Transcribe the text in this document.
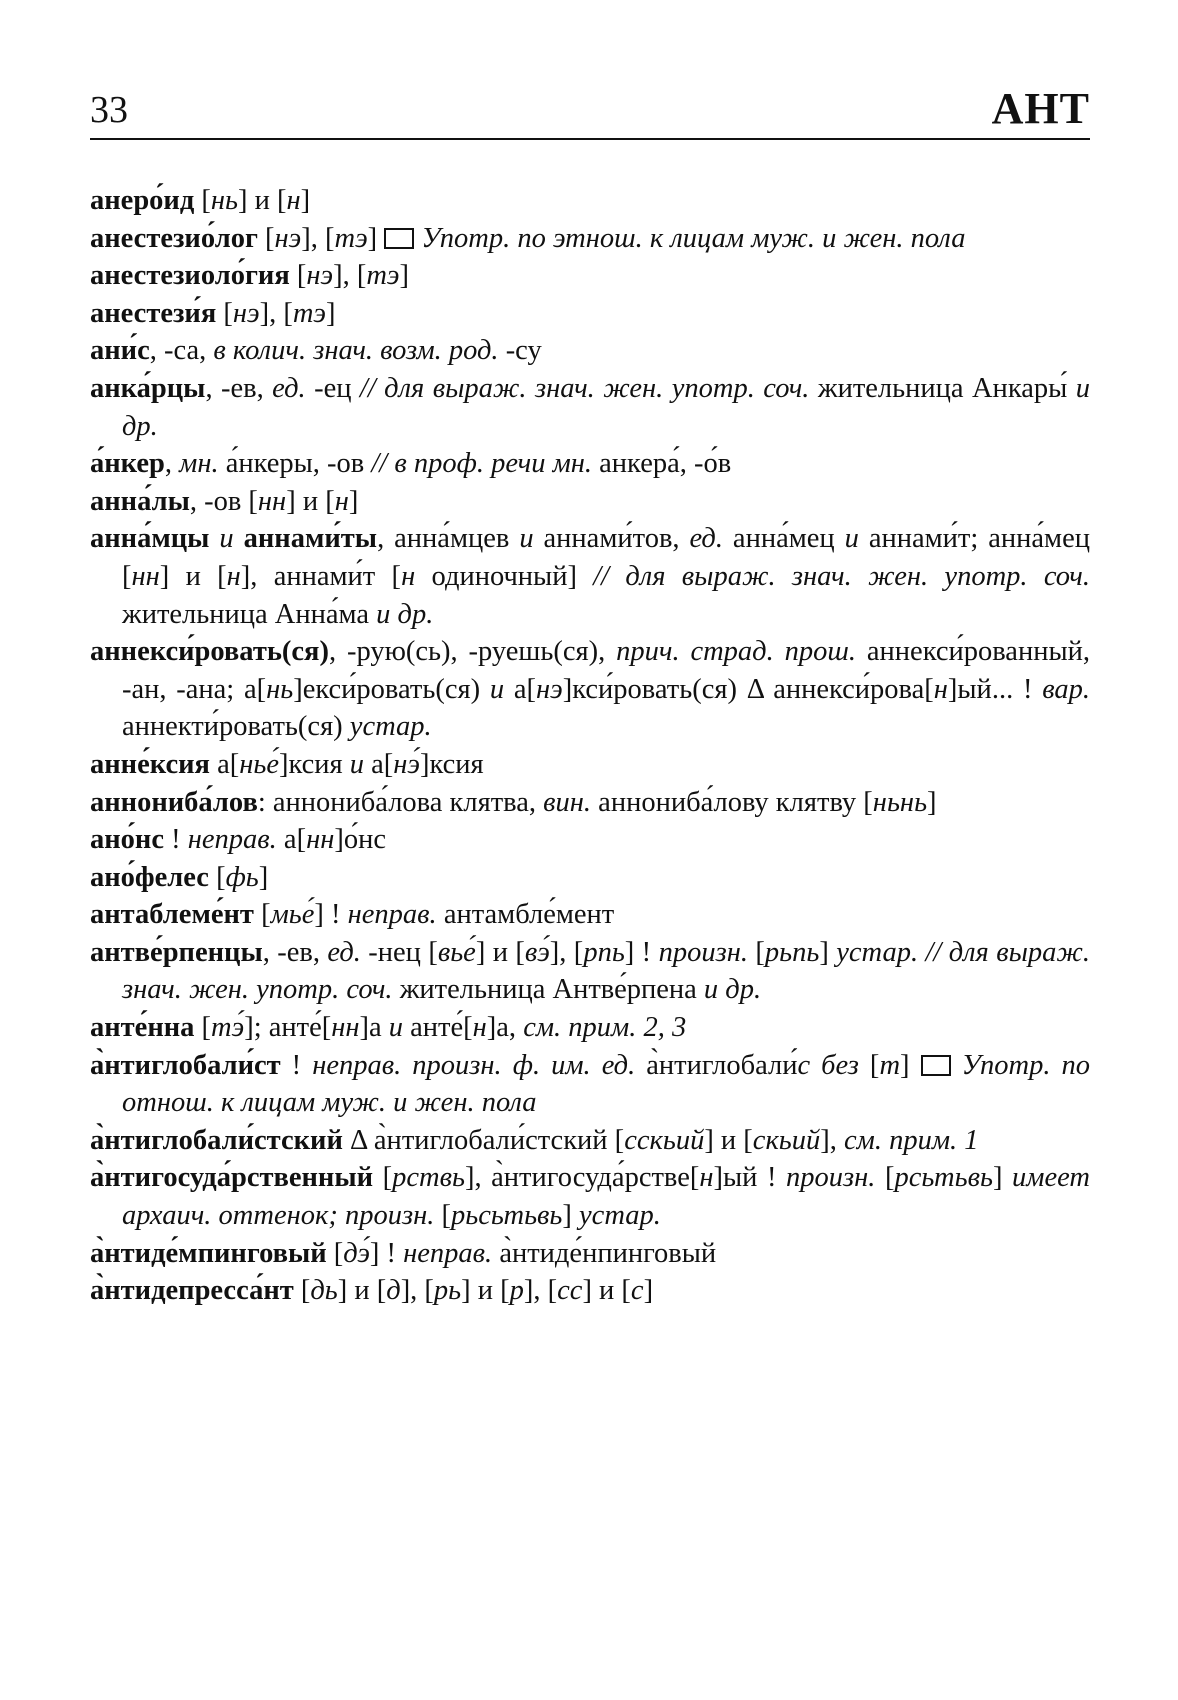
33	АНТ

анеро́ид [нь] и [н]

анестезио́лог [нэ], [тэ]  Употр. по этнош. к лицам муж. и жен. пола

анестезиоло́гия [нэ], [тэ]

анестези́я [нэ], [тэ]

ани́с, -са, в колич. знач. возм. род. -су

анка́рцы, -ев, ед. -ец // для выраж. знач. жен. употр. соч. жительница Анкары́ и др.

а́нкер, мн. а́нкеры, -ов // в проф. речи мн. анкера́, -о́в

анна́лы, -ов [нн] и [н]

анна́мцы и аннами́ты, анна́мцев и аннами́тов, ед. анна́мец и аннами́т; анна́мец [нн] и [н], аннами́т [н одиночный] // для выраж. знач. жен. употр. соч. жительница Анна́ма и др.

аннекси́ровать(ся), -рую(сь), -руешь(ся), прич. страд. прош. аннекси́рованный, -ан, -ана; а[нь]екси́ровать(ся) и а[нэ]кси́ровать(ся) Δ аннекси́рова[н]ый... ! вар. аннекти́ровать(ся) устар.

анне́ксия а[нье́]ксия и а[нэ́]ксия

аннониба́лов: аннониба́лова клятва, вин. аннониба́лову клятву [ньнь]

ано́нс ! неправ. а[нн]о́нс

ано́фелес [фь]

антаблеме́нт [мье́] ! неправ. антамбле́мент

антве́рпенцы, -ев, ед. -нец [вье́] и [вэ́], [рпь] ! произн. [рьпь] устар. // для выраж. знач. жен. употр. соч. жительница Антве́рпена и др.

анте́нна [тэ́]; анте́[нн]а и анте́[н]а, см. прим. 2, 3

а̀нтиглобали́ст ! неправ. произн. ф. им. ед. а̀нтиглобали́с без [т]  Употр. по отнош. к лицам муж. и жен. пола

а̀нтиглобали́стский Δ а̀нтиглобали́стский [сскьий] и [скьий], см. прим. 1

а̀нтигосуда́рственный [рствь], а̀нтигосуда́рстве[н]ый ! произн. [рсьтьвь] имеет архаич. оттенок; произн. [рьсьтьвь] устар.

а̀нтиде́мпинговый [дэ́] ! неправ. а̀нтиде́нпинговый

а̀нтидепресса́нт [дь] и [д], [рь] и [р], [сс] и [с]
